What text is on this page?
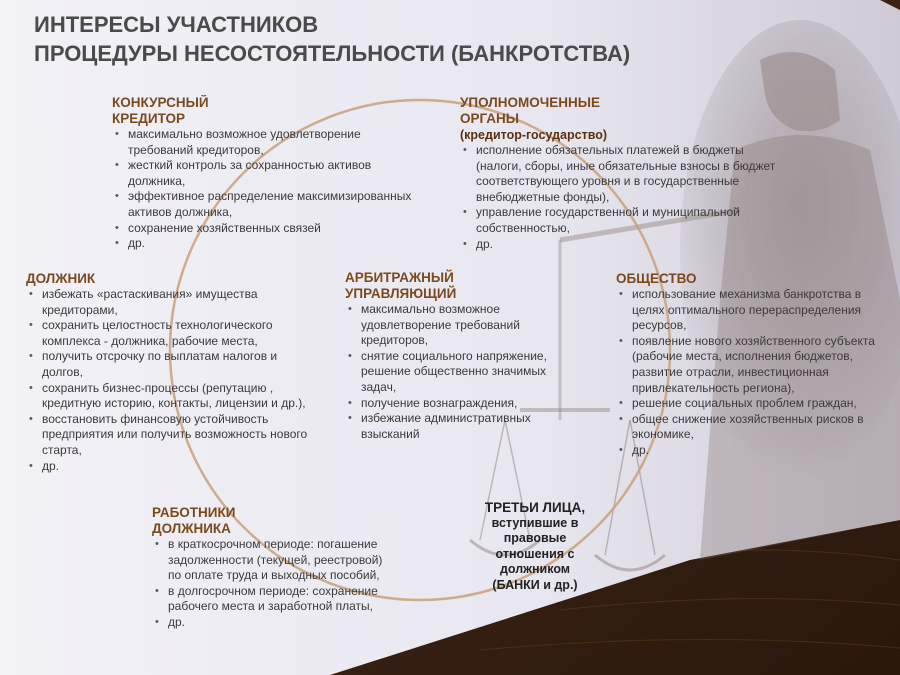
ИНТЕРЕСЫ УЧАСТНИКОВ
ПРОЦЕДУРЫ НЕСОСТОЯТЕЛЬНОСТИ (БАНКРОТСТВА)
КОНКУРСНЫЙ
КРЕДИТОР
• максимально возможное удовлетворение требований кредиторов,
• жесткий контроль за сохранностью активов должника,
• эффективное распределение максимизированных активов должника,
• сохранение хозяйственных связей
• др.
УПОЛНОМОЧЕННЫЕ
ОРГАНЫ
(кредитор-государство)
• исполнение обязательных платежей в бюджеты (налоги, сборы, иные обязательные взносы в бюджет соответствующего уровня и в государственные внебюджетные фонды),
• управление государственной и муниципальной собственностью,
• др.
ДОЛЖНИК
• избежать «растаскивания» имущества кредиторами,
• сохранить целостность технологического комплекса - должника, рабочие места,
• получить отсрочку по выплатам налогов и долгов,
• сохранить бизнес-процессы (репутацию , кредитную историю, контакты, лицензии и др.),
• восстановить финансовую устойчивость предприятия или получить возможность нового старта,
• др.
АРБИТРАЖНЫЙ
УПРАВЛЯЮЩИЙ
• максимально возможное удовлетворение требований кредиторов,
• снятие социального напряжение, решение общественно значимых задач,
• получение вознаграждения,
• избежание административных взысканий
ОБЩЕСТВО
• использование механизма банкротства в целях оптимального перераспределения ресурсов,
• появление нового хозяйственного субъекта (рабочие места, исполнения бюджетов, развитие отрасли, инвестиционная привлекательность региона),
• решение социальных проблем граждан,
• общее снижение хозяйственных рисков в экономике,
• др.
РАБОТНИКИ
ДОЛЖНИКА
• в краткосрочном периоде: погашение задолженности (текущей, реестровой) по оплате труда и выходных пособий,
• в долгосрочном периоде: сохранение рабочего места и заработной платы,
• др.
ТРЕТЬИ ЛИЦА,
вступившие в
правовые
отношения с
должником
(БАНКИ и др.)
